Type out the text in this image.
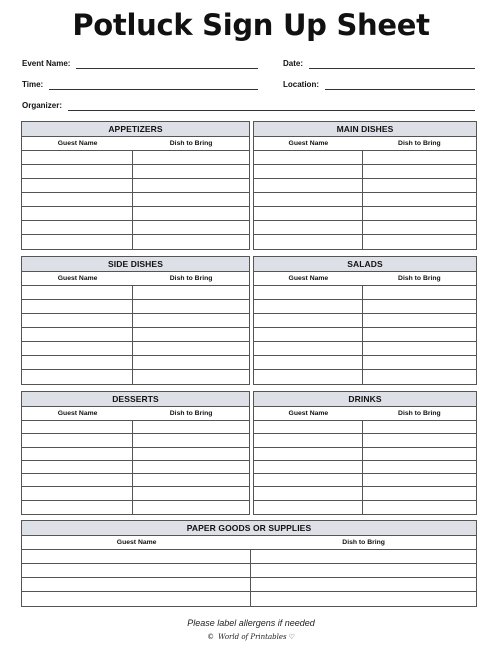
Potluck Sign Up Sheet
Event Name:	Date:
Time:	Location:
Organizer:
APPETIZERS
Guest Name	Dish to Bring
MAIN DISHES
Guest Name	Dish to Bring
SIDE DISHES
Guest Name	Dish to Bring
SALADS
Guest Name	Dish to Bring
DESSERTS
Guest Name	Dish to Bring
DRINKS
Guest Name	Dish to Bring
PAPER GOODS OR SUPPLIES
Guest Name	Dish to Bring
Please label allergens if needed
© World of Printables ♡
